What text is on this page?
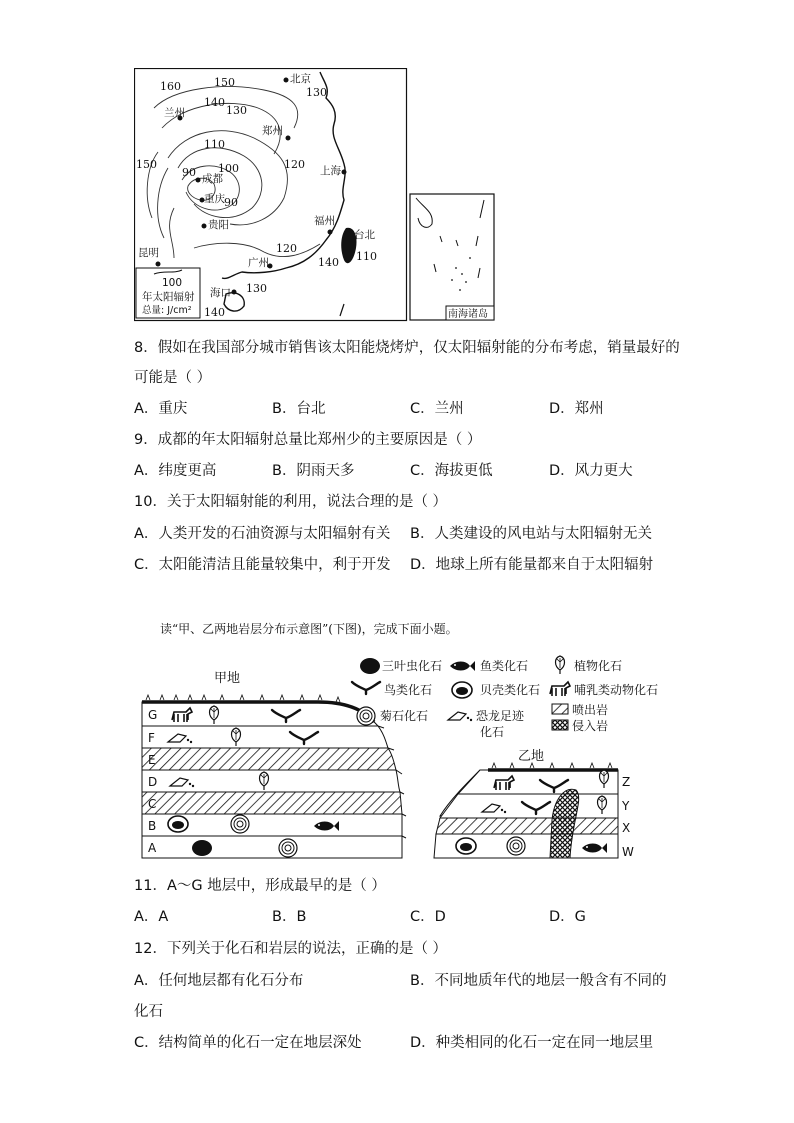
160	150
140
130
130
110
100	120
150
90
90
120
140 110
130
140
北京
兰州
郑州
上海
成都
重庆
贵阳
昆明
福州
台北
广州
海口
100
年太阳辐射
总量: J/cm²	南海诸岛
8．假如在我国部分城市销售该太阳能烧烤炉，仅太阳辐射能的分布考虑，销量最好的
可能是（ ）
A．重庆	B．台北	C．兰州	D．郑州
9．成都的年太阳辐射总量比郑州少的主要原因是（ ）
A．纬度更高	B．阴雨天多	C．海拔更低	D．风力更大
10．关于太阳辐射能的利用，说法合理的是（ ）
A．人类开发的石油资源与太阳辐射有关 B．人类建设的风电站与太阳辐射无关
C．太阳能清洁且能量较集中，利于开发 D．地球上所有能量都来自于太阳辐射
读“甲、乙两地岩层分布示意图”(下图)，完成下面小题。
甲地
G
F
E
D
C
B
A
乙地
Z
Y
X
W
三叶虫化石	鱼类化石	植物化石
鸟类化石	贝壳类化石	哺乳类动物化石
菊石化石	恐龙足迹
化石
喷出岩
侵入岩
11．A～G 地层中，形成最早的是（ ）
A．A	B．B	C．D	D．G
12．下列关于化石和岩层的说法，正确的是（ ）
A．任何地层都有化石分布	B．不同地质年代的地层一般含有不同的
化石
C．结构简单的化石一定在地层深处	D．种类相同的化石一定在同一地层里
